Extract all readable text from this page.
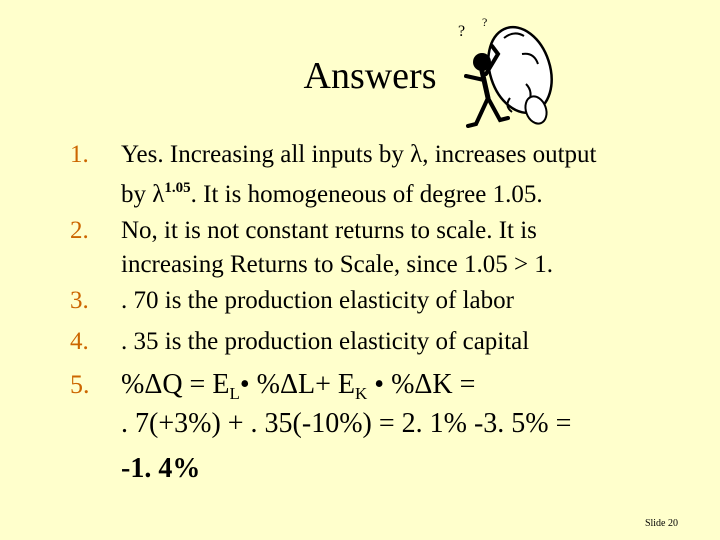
Answers
?
?
1.	Yes. Increasing all inputs by λ, increases output
by $\lambda^{1.05}$. It is homogeneous of degree 1.05.
2.	No, it is not constant returns to scale. It is
increasing Returns to Scale, since 1.05 > 1.
3.	. 70 is the production elasticity of labor
4.	. 35 is the production elasticity of capital
5.	$\%\Delta Q = E_L•$ $\%\Delta L+ E_K$ • %ΔK =
. 7(+3%) + . 35(-10%) = 2. 1% -3. 5% =
-1. 4%
Slide 20
